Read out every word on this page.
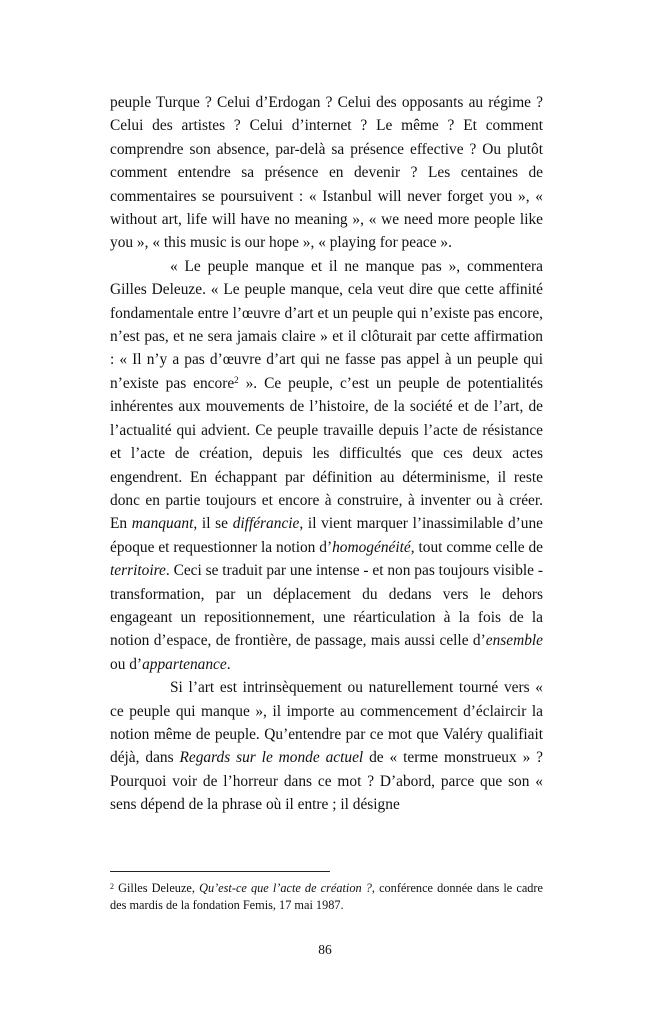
peuple Turque ? Celui d’Erdogan ? Celui des opposants au régime ? Celui des artistes ? Celui d’internet ? Le même ? Et comment comprendre son absence, par-delà sa présence effective ? Ou plutôt comment entendre sa présence en devenir ? Les centaines de commentaires se poursuivent : « Istanbul will never forget you », « without art, life will have no meaning », « we need more people like you », « this music is our hope », « playing for peace ».

« Le peuple manque et il ne manque pas », commentera Gilles Deleuze. « Le peuple manque, cela veut dire que cette affinité fondamentale entre l’œuvre d’art et un peuple qui n’existe pas encore, n’est pas, et ne sera jamais claire » et il clôturait par cette affirmation : « Il n’y a pas d’œuvre d’art qui ne fasse pas appel à un peuple qui n’existe pas encore$^2$ ». Ce peuple, c’est un peuple de potentialités inhérentes aux mouvements de l’histoire, de la société et de l’art, de l’actualité qui advient. Ce peuple travaille depuis l’acte de résistance et l’acte de création, depuis les difficultés que ces deux actes engendrent. En échappant par définition au déterminisme, il reste donc en partie toujours et encore à construire, à inventer ou à créer. En manquant, il se différancie, il vient marquer l’inassimilable d’une époque et requestionner la notion d’homogénéité, tout comme celle de territoire. Ceci se traduit par une intense - et non pas toujours visible - transformation, par un déplacement du dedans vers le dehors engageant un repositionnement, une réarticulation à la fois de la notion d’espace, de frontière, de passage, mais aussi celle d’ensemble ou d’appartenance.

Si l’art est intrinsèquement ou naturellement tourné vers « ce peuple qui manque », il importe au commencement d’éclaircir la notion même de peuple. Qu’entendre par ce mot que Valéry qualifiait déjà, dans Regards sur le monde actuel de « terme monstrueux » ? Pourquoi voir de l’horreur dans ce mot ? D’abord, parce que son « sens dépend de la phrase où il entre ; il désigne

$^2$ Gilles Deleuze, Qu’est-ce que l’acte de création ?, conférence donnée dans le cadre des mardis de la fondation Femis, 17 mai 1987.

86
